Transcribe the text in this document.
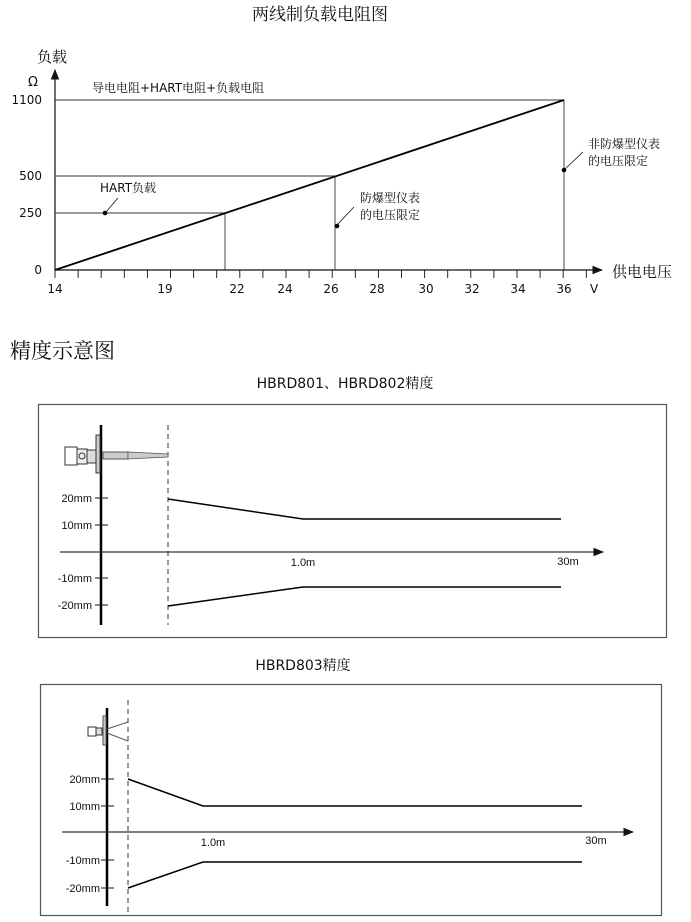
两线制负载电阻图
负载
Ω
1100
500
250
0
14	19	22	24	26	28	30	32	34	36
供电电压
V
导电电阻+HART电阻+负载电阻
HART负载
防爆型仪表
的电压限定
非防爆型仪表
的电压限定
精度示意图
HBRD801、HBRD802精度
20mm
10mm
-10mm
-20mm
1.0m	30m
HBRD803精度
20mm
10mm
-10mm
-20mm
1.0m	30m
